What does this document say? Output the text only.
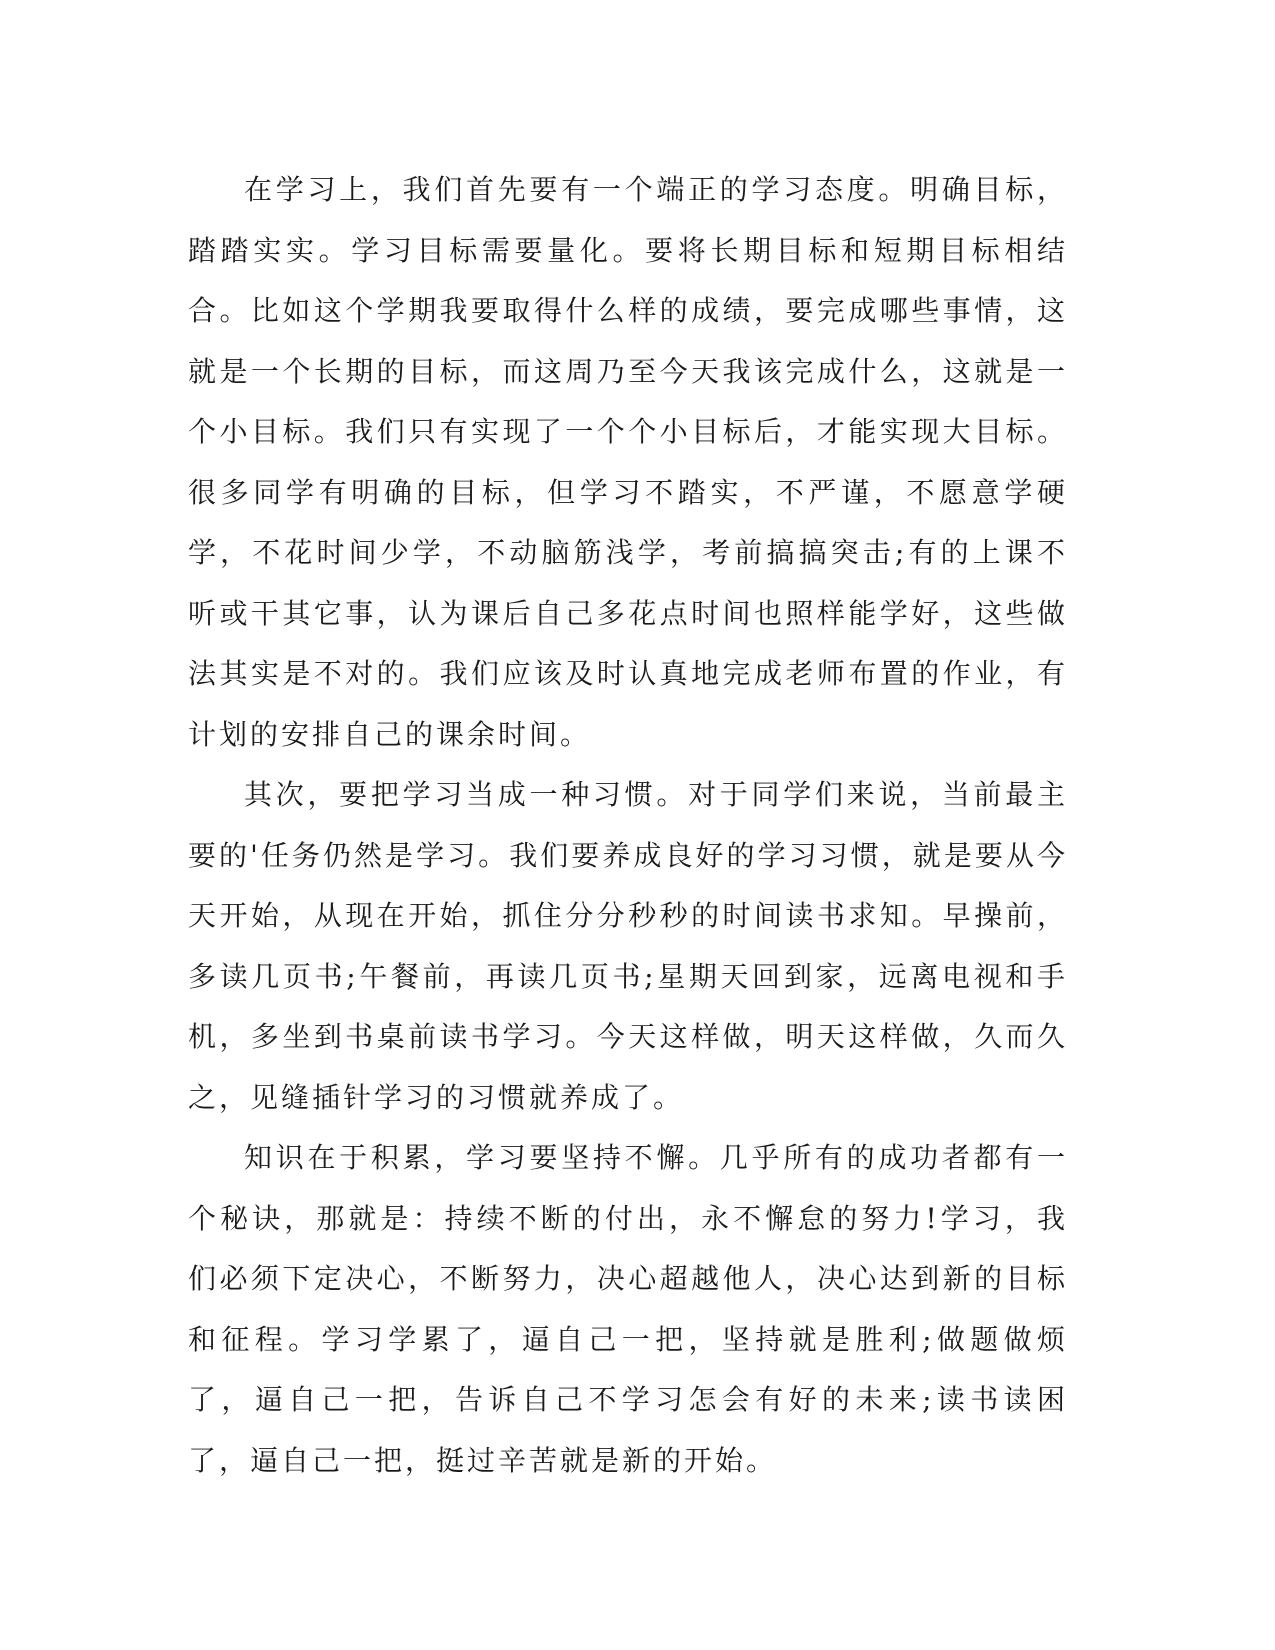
在学习上，我们首先要有一个端正的学习态度。明确目标，踏踏实实。学习目标需要量化。要将长期目标和短期目标相结合。比如这个学期我要取得什么样的成绩，要完成哪些事情，这就是一个长期的目标，而这周乃至今天我该完成什么，这就是一个小目标。我们只有实现了一个个小目标后，才能实现大目标。很多同学有明确的目标，但学习不踏实，不严谨，不愿意学硬学，不花时间少学，不动脑筋浅学，考前搞搞突击;有的上课不听或干其它事，认为课后自己多花点时间也照样能学好，这些做法其实是不对的。我们应该及时认真地完成老师布置的作业，有计划的安排自己的课余时间。

其次，要把学习当成一种习惯。对于同学们来说，当前最主要的'任务仍然是学习。我们要养成良好的学习习惯，就是要从今天开始，从现在开始，抓住分分秒秒的时间读书求知。早操前，多读几页书;午餐前，再读几页书;星期天回到家，远离电视和手机，多坐到书桌前读书学习。今天这样做，明天这样做，久而久之，见缝插针学习的习惯就养成了。

知识在于积累，学习要坚持不懈。几乎所有的成功者都有一个秘诀，那就是：持续不断的付出，永不懈怠的努力!学习，我们必须下定决心，不断努力，决心超越他人，决心达到新的目标和征程。学习学累了，逼自己一把，坚持就是胜利;做题做烦了，逼自己一把，告诉自己不学习怎会有好的未来;读书读困了，逼自己一把，挺过辛苦就是新的开始。
